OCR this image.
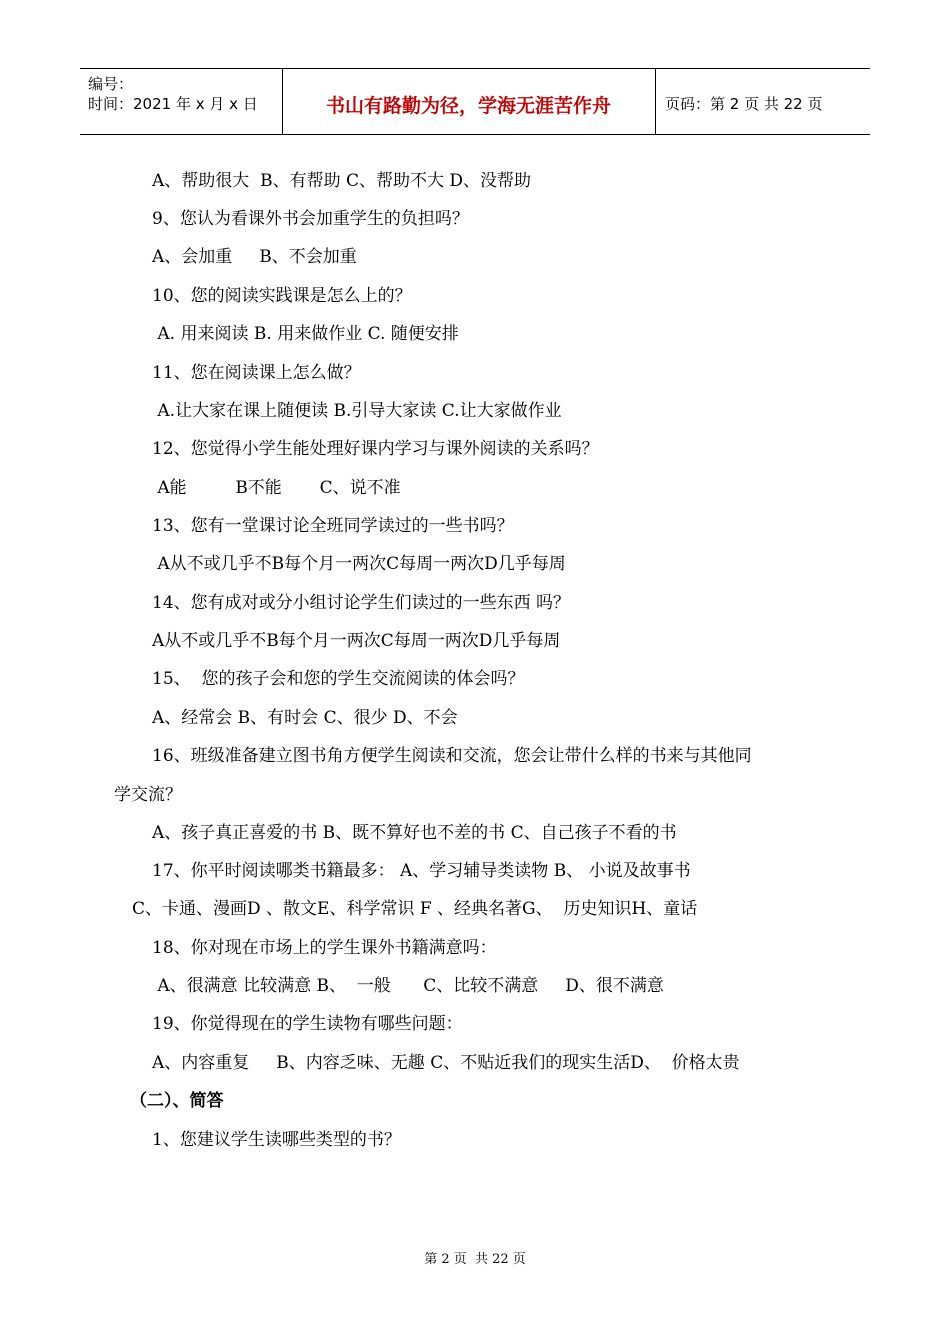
编号：
时间：2021 年 x 月 x 日	书山有路勤为径，学海无涯苦作舟	页码：第 2 页 共 22 页
A、帮助很大  B、有帮助 C、帮助不大 D、没帮助
9、您认为看课外书会加重学生的负担吗？
A、会加重     B、不会加重
10、您的阅读实践课是怎么上的？
A. 用来阅读 B. 用来做作业 C. 随便安排
11、您在阅读课上怎么做？
A.让大家在课上随便读 B.引导大家读 C.让大家做作业
12、您觉得小学生能处理好课内学习与课外阅读的关系吗？
A能         B不能       C、说不准
13、您有一堂课讨论全班同学读过的一些书吗？
A从不或几乎不B每个月一两次C每周一两次D几乎每周
14、您有成对或分小组讨论学生们读过的一些东西 吗？
A从不或几乎不B每个月一两次C每周一两次D几乎每周
15、  您的孩子会和您的学生交流阅读的体会吗？
A、经常会 B、有时会 C、很少 D、不会
16、班级准备建立图书角方便学生阅读和交流，您会让带什么样的书来与其他同
学交流？
A、孩子真正喜爱的书 B、既不算好也不差的书 C、自己孩子不看的书
17、你平时阅读哪类书籍最多： A、学习辅导类读物 B、 小说及故事书
C、卡通、漫画D 、散文E、科学常识 F 、经典名著G、  历史知识H、童话
18、你对现在市场上的学生课外书籍满意吗：
A、很满意 比较满意 B、  一般      C、比较不满意     D、很不满意
19、你觉得现在的学生读物有哪些问题：
A、内容重复     B、内容乏味、无趣 C、不贴近我们的现实生活D、  价格太贵
（二）、简答
1、您建议学生读哪些类型的书？
第 2 页  共 22 页
